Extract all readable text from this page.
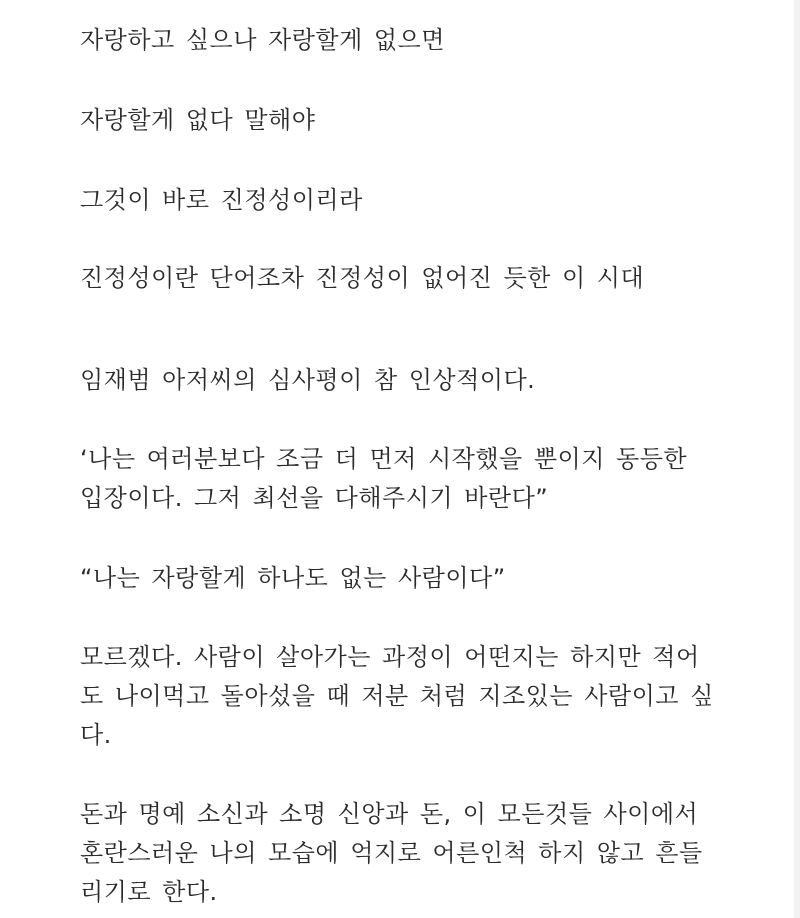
자랑하고 싶으나 자랑할게 없으면

자랑할게 없다 말해야

그것이 바로 진정성이리라

진정성이란 단어조차 진정성이 없어진 듯한 이 시대

임재범 아저씨의 심사평이 참 인상적이다.

‘나는 여러분보다 조금 더 먼저 시작했을 뿐이지 동등한

입장이다. 그저 최선을 다해주시기 바란다”

“나는 자랑할게 하나도 없는 사람이다”

모르겠다. 사람이 살아가는 과정이 어떤지는 하지만 적어

도 나이먹고 돌아섰을 때 저분 처럼 지조있는 사람이고 싶

다.

돈과 명예 소신과 소명 신앙과 돈, 이 모든것들 사이에서

혼란스러운 나의 모습에 억지로 어른인척 하지 않고 흔들

리기로 한다.
